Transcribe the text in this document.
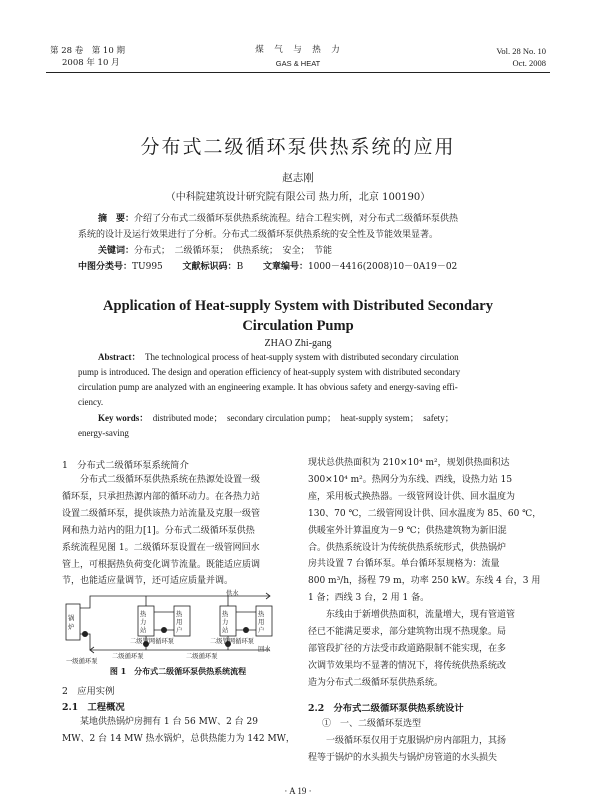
第 28 卷　第 10 期
2008 年 10 月
煤　气　与　热　力
GAS & HEAT
Vol. 28 No. 10
Oct. 2008
分布式二级循环泵供热系统的应用
赵志刚
（中科院建筑设计研究院有限公司 热力所，北京 100190）
摘　要：介绍了分布式二级循环泵供热系统流程。结合工程实例，对分布式二级循环泵供热
系统的设计及运行效果进行了分析。分布式二级循环泵供热系统的安全性及节能效果显著。
关键词：分布式；　二级循环泵；　供热系统；　安全；　节能
中图分类号：TU995 文献标识码：B 文章编号：1000－4416(2008)10－0A19－02
Application of Heat-supply System with Distributed Secondary
Circulation Pump
ZHAO Zhi-gang
Abstract： The technological process of heat-supply system with distributed secondary circulation
pump is introduced. The design and operation efficiency of heat-supply system with distributed secondary
circulation pump are analyzed with an engineering example. It has obvious safety and energy-saving effi-
ciency.
Key words： distributed mode；　secondary circulation pump；　heat-supply system；　safety；
energy-saving
1　分布式二级循环泵系统简介
　　分布式二级循环泵供热系统在热源处设置一级
循环泵，只承担热源内部的循环动力。在各热力站
设置二级循环泵，提供该热力站流量及克服一级管
网和热力站内的阻力[1]。分布式二级循环泵供热
系统流程见图 1。二级循环泵设置在一级管网回水
管上，可根据热负荷变化调节流量。既能适应质调
节，也能适应量调节，还可适应质量并调。
锅
炉
热
力
站
热
用
户
热
力
站
热
用
户
供水
回水
一级循环泵
二级循环泵
二级管网循环泵
二级循环泵
二级管网循环泵
图 1　分布式二级循环泵供热系统流程
2　应用实例
2.1　工程概况
　　某地供热锅炉房拥有 1 台 56 MW、2 台 29
MW、2 台 14 MW 热水锅炉，总供热能力为 142 MW，
现状总供热面积为 210×10⁴ m²，规划供热面积达
300×10⁴ m²。热网分为东线、西线，设热力站 15
座，采用板式换热器。一级管网设计供、回水温度为
130、70 ℃，二级管网设计供、回水温度为 85、60 ℃，
供暖室外计算温度为－9 ℃；供热建筑物为新旧混
合。供热系统设计为传统供热系统形式，供热锅炉
房共设置 7 台循环泵。单台循环泵规格为：流量
800 m³/h，扬程 79 m，功率 250 kW。东线 4 台，3 用
1 备；西线 3 台，2 用 1 备。
　　东线由于新增供热面积，流量增大，现有管道管
径已不能满足要求，部分建筑物出现不热现象。局
部管段扩径的方法受市政道路限制不能实现，在多
次调节效果均不显著的情况下，将传统供热系统改
造为分布式二级循环泵供热系统。
2.2　分布式二级循环泵供热系统设计
①　一、二级循环泵选型
　　一级循环泵仅用于克服锅炉房内部阻力，其扬
程等于锅炉的水头损失与锅炉房管道的水头损失
· A 19 ·
